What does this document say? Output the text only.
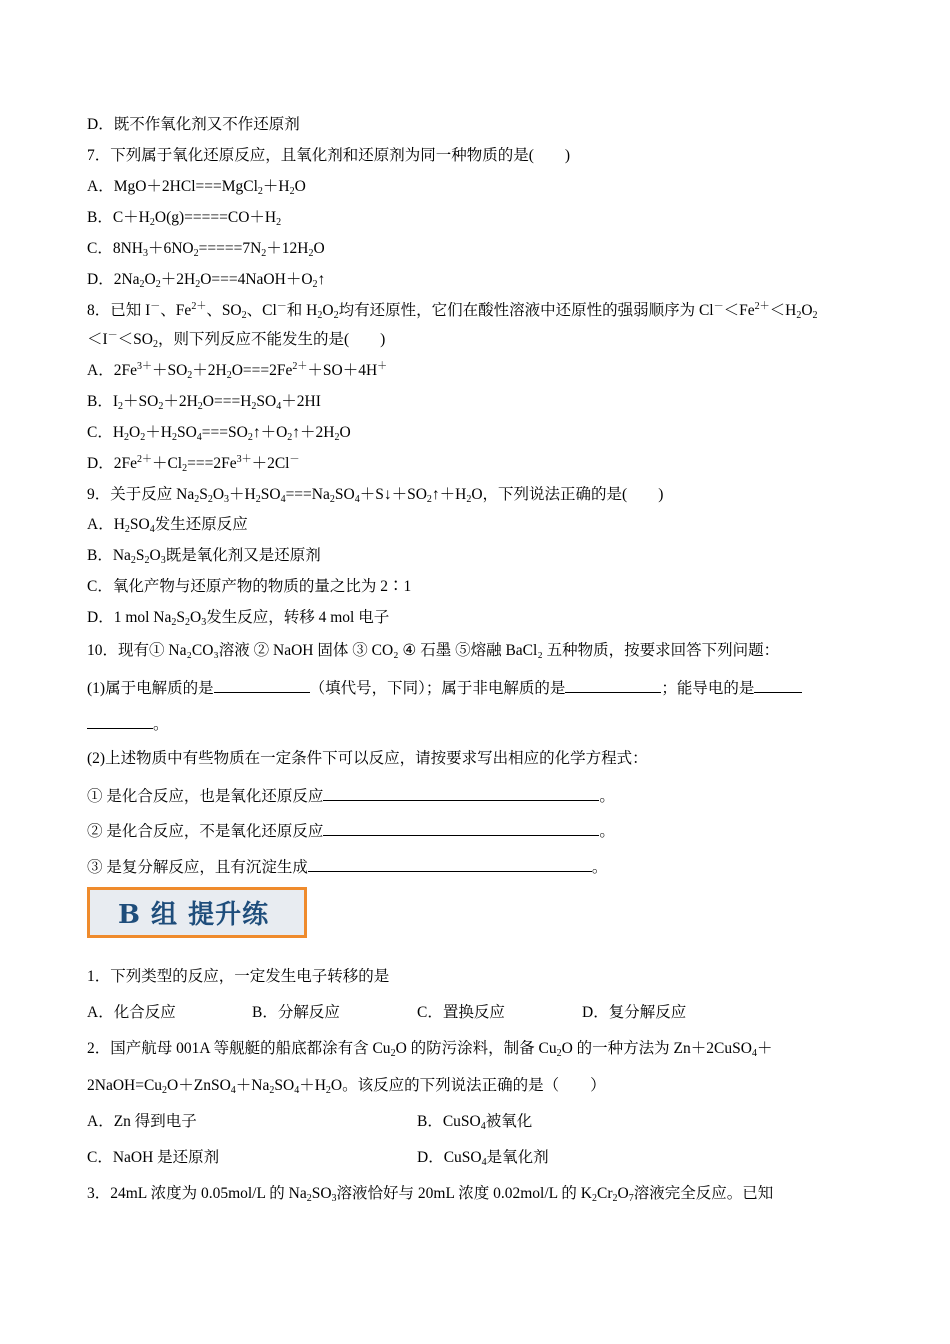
D．既不作氧化剂又不作还原剂
7．下列属于氧化还原反应，且氧化剂和还原剂为同一种物质的是(　　)
A．$MgO+2HCl===MgCl_2+H_2O$
B．$C+H_2O(g)=====CO+H_2$
C．$8NH_3+6NO_2=====7N_2+12H_2O$
D．$2Na_2O_2+2H_2O===4NaOH+O_2↑$
8．已知 I－、$Fe^{2+}$、$SO_2$、Cl－和 $H_2O_2$均有还原性，它们在酸性溶液中还原性的强弱顺序为 $Cl^-<Fe^{2+}<H_2O_2$
$<I^-<SO_2$，则下列反应不能发生的是(　　)
A．$2Fe^{3+}+SO_2+2H_2O===2Fe^{2+}+SO+4H^+$
B．$I_2+SO_2+2H_2O===H_2SO_4+2HI$
C．$H_2O_2+H_2SO_4===SO_2↑+O_2↑+2H_2O$
D．$2Fe^{2+}+Cl_2===2Fe^{3+}+2Cl^-$
9．关于反应 $Na_2S_2O_3+H_2SO_4===Na_2SO_4+S↓+SO_2↑+H_2O$，下列说法正确的是(　　)
A．$H_2SO_4$发生还原反应
B．$Na_2S_2O_3$既是氧化剂又是还原剂
C．氧化产物与还原产物的物质的量之比为 2∶1
D．1 mol $Na_2S_2O_3$发生反应，转移 4 mol 电子
10．现有① Na₂CO₃溶液 ② NaOH 固体 ③ CO₂ ④ 石墨 ⑤熔融 BaCl₂ 五种物质，按要求回答下列问题：
(1)属于电解质的是	（填代号，下同）；属于非电解质的是	；能导电的是
。
(2)上述物质中有些物质在一定条件下可以反应，请按要求写出相应的化学方程式：
① 是化合反应，也是氧化还原反应	。
② 是化合反应，不是氧化还原反应	。
③ 是复分解反应，且有沉淀生成	。
B 组 提升练
1．下列类型的反应，一定发生电子转移的是
A．化合反应	B．分解反应	C．置换反应	D．复分解反应
2．国产航母 001A 等舰艇的船底都涂有含 $Cu_2O$ 的防污涂料，制备 $Cu_2O$ 的一种方法为 Zn＋2CuSO$_4$＋
$2NaOH=Cu_2O+ZnSO_4+Na_2SO_4+H_2O$。该反应的下列说法正确的是（　　）
A．Zn 得到电子	B．CuSO$_4$被氧化
C．NaOH 是还原剂	D．CuSO$_4$是氧化剂
3．24mL 浓度为 0.05mol/L 的 $Na_2SO_3$溶液恰好与 20mL 浓度 0.02mol/L 的 $K_2Cr_2O_7$溶液完全反应。已知
